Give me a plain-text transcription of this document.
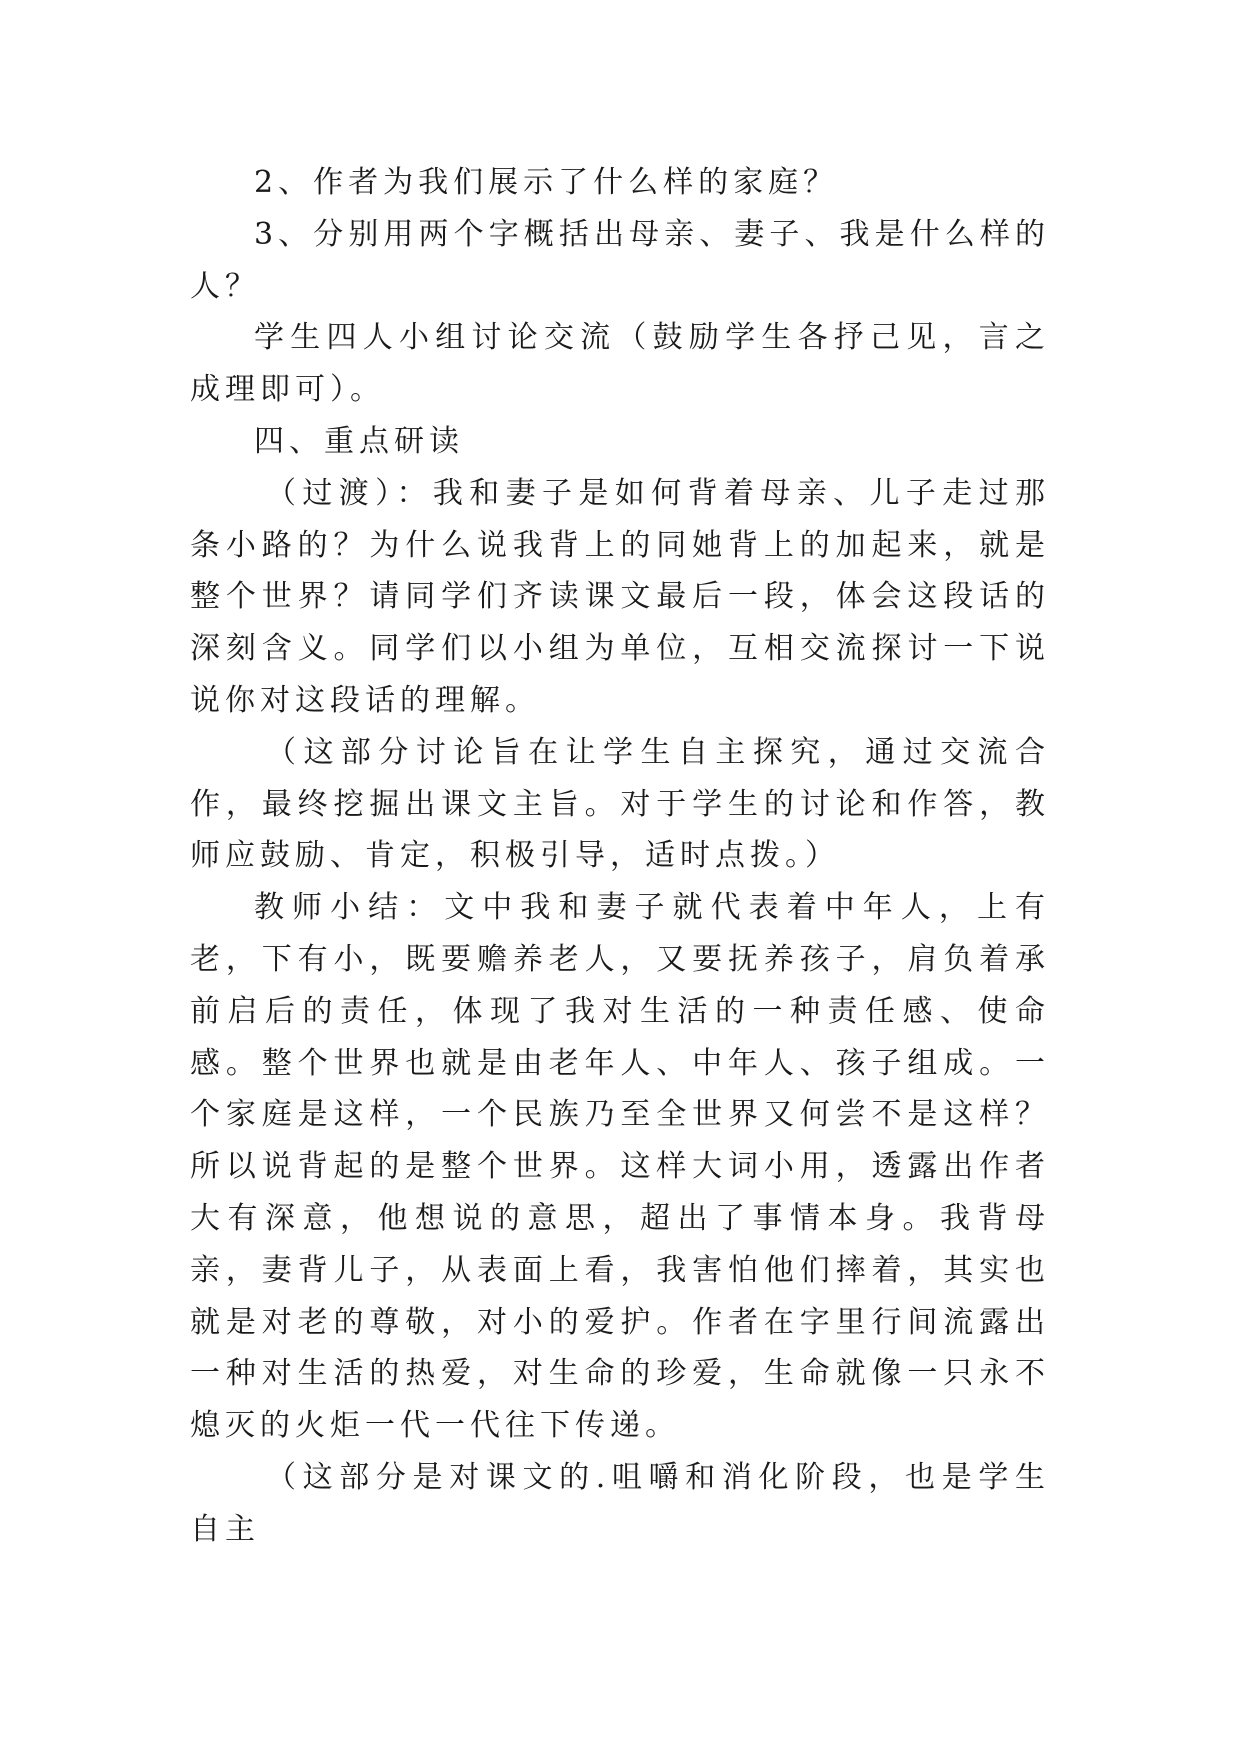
2、作者为我们展示了什么样的家庭？

3、分别用两个字概括出母亲、妻子、我是什么样的人？

学生四人小组讨论交流（鼓励学生各抒己见，言之成理即可）。

四、重点研读

（过渡）：我和妻子是如何背着母亲、儿子走过那条小路的？为什么说我背上的同她背上的加起来，就是整个世界？请同学们齐读课文最后一段，体会这段话的深刻含义。同学们以小组为单位，互相交流探讨一下说说你对这段话的理解。

（这部分讨论旨在让学生自主探究，通过交流合作，最终挖掘出课文主旨。对于学生的讨论和作答，教师应鼓励、肯定，积极引导，适时点拨。）

教师小结：文中我和妻子就代表着中年人，上有老，下有小，既要赡养老人，又要抚养孩子，肩负着承前启后的责任，体现了我对生活的一种责任感、使命感。整个世界也就是由老年人、中年人、孩子组成。一个家庭是这样，一个民族乃至全世界又何尝不是这样？所以说背起的是整个世界。这样大词小用，透露出作者大有深意，他想说的意思，超出了事情本身。我背母亲，妻背儿子，从表面上看，我害怕他们摔着，其实也就是对老的尊敬，对小的爱护。作者在字里行间流露出一种对生活的热爱，对生命的珍爱，生命就像一只永不熄灭的火炬一代一代往下传递。

（这部分是对课文的.咀嚼和消化阶段，也是学生自主
